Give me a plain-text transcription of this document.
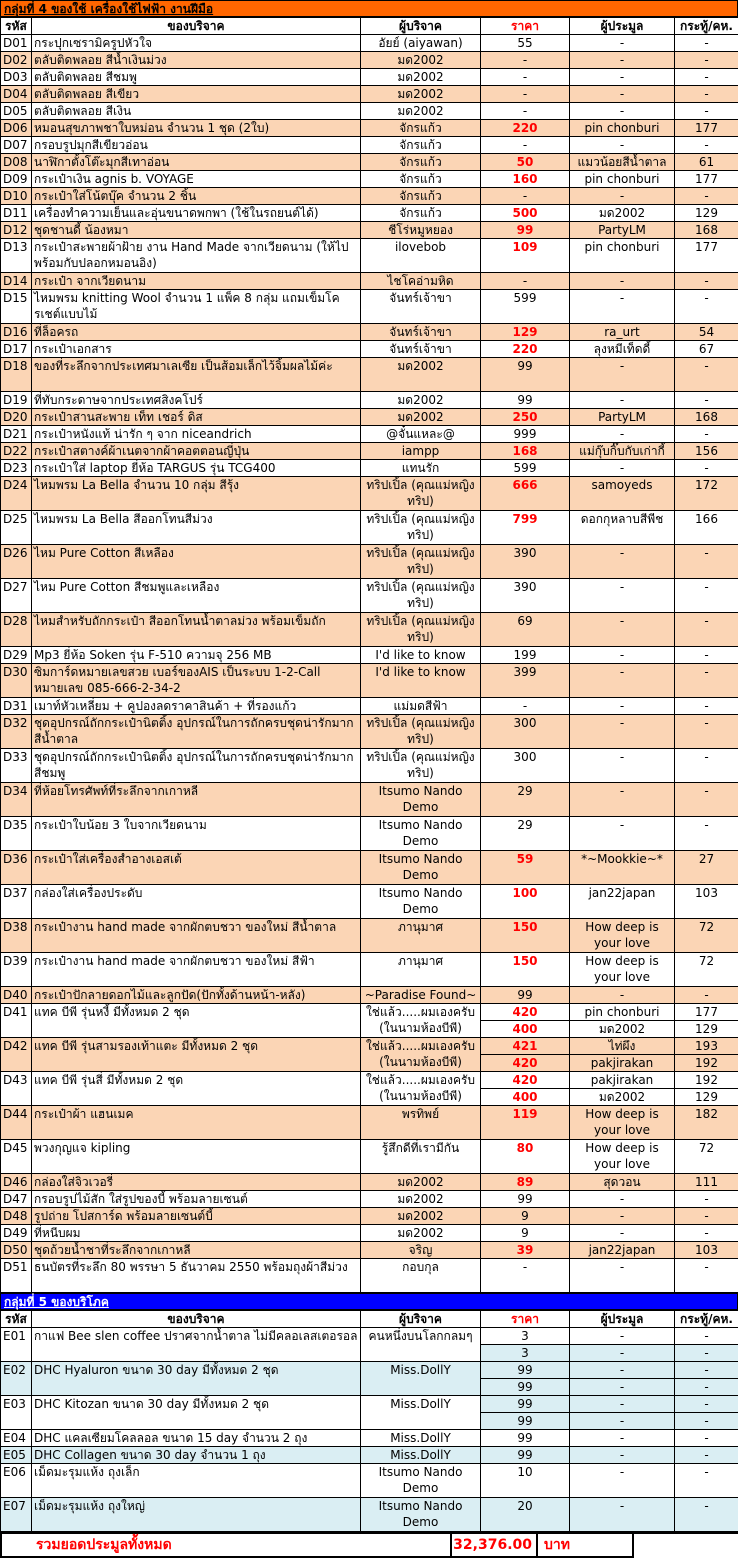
กลุ่มที่ 4 ของใช้ เครื่องใช้ไฟฟ้า งานฝีมือ
รหัส	ของบริจาค	ผู้บริจาค	ราคา	ผู้ประมูล	กระทู้/คห.
D01	กระปุกเซรามิครูปหัวใจ	อัยย์ (aiyawan)	55	-	-
D02	ตลับติดพลอย สีน้ำเงินม่วง	มด2002	-	-	-
D03	ตลับติดพลอย สีชมพู	มด2002	-	-	-
D04	ตลับติดพลอย สีเขียว	มด2002	-	-	-
D05	ตลับติดพลอย สีเงิน	มด2002	-	-	-
D06	หมอนสุขภาพชาใบหม่อน จำนวน 1 ชุด (2ใบ)	จักรแก้ว	220	pin chonburi	177
D07	กรอบรูปมุกสีเขียวอ่อน	จักรแก้ว	-	-	-
D08	นาฬิกาตั้งโต๊ะมุกสีเทาอ่อน	จักรแก้ว	50	แมวน้อยสีน้ำตาล	61
D09	กระเป๋าเงิน agnis b. VOYAGE	จักรแก้ว	160	pin chonburi	177
D10	กระเป๋าใส่โน้ตบุ๊ค จำนวน 2 ชิ้น	จักรแก้ว	-	-	-
D11	เครื่องทำความเย็นและอุ่นขนาดพกพา (ใช้ในรถยนต์ได้)	จักรแก้ว	500	มด2002	129
D12	ชุดชานดี้ น้องหมา	ชีโร่หมูหยอง	99	PartyLM	168
D13	กระเป๋าสะพายผ้าฝ้าย งาน Hand Made จากเวียดนาม (ให้ไปพร้อมกับปลอกหมอนอิง)	ilovebob	109	pin chonburi	177
D14	กระเป๋า จากเวียดนาม	ไชโคอ่ามหิด	-	-	-
D15	ไหมพรม knitting Wool จำนวน 1 แพ็ค 8 กลุ่ม แถมเข็มโครเชต์แบบไม้	จันทร์เจ้าขา	599	-	-
D16	ที่ล็อครถ	จันทร์เจ้าขา	129	ra_urt	54
D17	กระเป๋าเอกสาร	จันทร์เจ้าขา	220	ลุงหมีเท็ดดี้	67
D18	ของที่ระลึกจากประเทศมาเลเซีย เป็นส้อมเล็กไว้จิ้มผลไม้ค่ะ	มด2002	99	-	-
D19	ที่ทับกระดาษจากประเทศสิงคโปร์	มด2002	99	-	-
D20	กระเป๋าสานสะพาย เท็ท เชอร์ ดิส	มด2002	250	PartyLM	168
D21	กระเป๋าหนังแท้ น่ารัก ๆ จาก niceandrich	@จั๋นแหละ@	999	-	-
D22	กระเป๋าสตางค์ผ้าเนตจากผ้าคอตตอนญี่ปุ่น	iampp	168	แม่กุ๊บกิ๊บกับเก่ากี้	156
D23	กระเป๋าใส่ laptop ยี่ห้อ TARGUS รุ่น TCG400	แทนรัก	599	-	-
D24	ไหมพรม La Bella จำนวน 10 กลุ่ม สีรุ้ง	ทริปเปิ้ล (คุณแม่หญิงทริป)	666	samoyeds	172
D25	ไหมพรม La Bella สีออกโทนสีม่วง	ทริปเปิ้ล (คุณแม่หญิงทริป)	799	ดอกกุหลาบสีพีช	166
D26	ไหม Pure Cotton สีเหลือง	ทริปเปิ้ล (คุณแม่หญิงทริป)	390	-	-
D27	ไหม Pure Cotton สีชมพูและเหลือง	ทริปเปิ้ล (คุณแม่หญิงทริป)	390	-	-
D28	ไหมสำหรับถักกระเป๋า สีออกโทนน้ำตาลม่วง พร้อมเข็มถัก	ทริปเปิ้ล (คุณแม่หญิงทริป)	69	-	-
D29	Mp3 ยี่ห้อ Soken รุ่น F-510 ความจุ 256 MB	I'd like to know	199	-	-
D30	ซิมการ์ดหมายเลขสวย เบอร์ของAIS เป็นระบบ 1-2-Call หมายเลข 085-666-2-34-2	I'd like to know	399	-	-
D31	เมาท์หัวเหลี่ยม + คูปองลดราคาสินค้า + ที่รองแก้ว	แม่มดสีฟ้า	-	-	-
D32	ชุดอุปกรณ์ถักกระเป๋านิตติ้ง อุปกรณ์ในการถักครบชุดน่ารักมากสีน้ำตาล	ทริปเปิ้ล (คุณแม่หญิงทริป)	300	-	-
D33	ชุดอุปกรณ์ถักกระเป๋านิตติ้ง อุปกรณ์ในการถักครบชุดน่ารักมากสีชมพู	ทริปเปิ้ล (คุณแม่หญิงทริป)	300	-	-
D34	ที่ห้อยโทรศัพท์ที่ระลึกจากเกาหลี	Itsumo Nando Demo	29	-	-
D35	กระเป๋าใบน้อย 3 ใบจากเวียดนาม	Itsumo Nando Demo	29	-	-
D36	กระเป๋าใส่เครื่องสำอางเอสเต้	Itsumo Nando Demo	59	*~Mookkie~*	27
D37	กล่องใส่เครื่องประดับ	Itsumo Nando Demo	100	jan22japan	103
D38	กระเป๋างาน hand made จากผักตบชวา ของใหม่ สีน้ำตาล	ภานุมาศ	150	How deep is your love	72
D39	กระเป๋างาน hand made จากผักตบชวา ของใหม่ สีฟ้า	ภานุมาศ	150	How deep is your love	72
D40	กระเป๋าปักลายดอกไม้และลูกปัด(ปักทั้งด้านหน้า-หลัง)	~Paradise Found~	99	-	-
D41	แทค บีพี รุ่นหงี้ มีทั้งหมด 2 ชุด	ใช่แล้ว.....ผมเองครับ (ในนามห้องบีพี)	420	pin chonburi	177
			400	มด2002	129
D42	แทค บีพี รุ่นสามรองเท้าแตะ มีทั้งหมด 2 ชุด	ใช่แล้ว.....ผมเองครับ (ในนามห้องบีพี)	421	ไท่ผึง	193
			420	pakjirakan	192
D43	แทค บีพี รุ่นสี่ มีทั้งหมด 2 ชุด	ใช่แล้ว.....ผมเองครับ (ในนามห้องบีพี)	420	pakjirakan	192
			400	มด2002	129
D44	กระเป๋าผ้า แฮนเมค	พรทิพย์	119	How deep is your love	182
D45	พวงกุญแจ kipling	รู้สึกดีที่เรามีกัน	80	How deep is your love	72
D46	กล่องใส่จิวเวอรี่	มด2002	89	สุดวอน	111
D47	กรอบรูปไม้สัก ใส่รูปของบี้ พร้อมลายเซนต์	มด2002	99	-	-
D48	รูปถ่าย โปสการ์ด พร้อมลายเซนต์บี้	มด2002	9	-	-
D49	ที่หนีบผม	มด2002	9	-	-
D50	ชุดถ้วยน้ำชาที่ระลึกจากเกาหลี	จริญ	39	jan22japan	103
D51	ธนบัตรที่ระลึก 80 พรรษา 5 ธันวาคม 2550 พร้อมถุงผ้าสีม่วง	กอบกุล	-	-	-
กลุ่มที่ 5 ของบริโภค
รหัส	ของบริจาค	ผู้บริจาค	ราคา	ผู้ประมูล	กระทู้/คห.
E01	กาแฟ Bee slen coffee ปราศจากน้ำตาล ไม่มีคลอเลสเตอรอล	คนหนึ่งบนโลกกลมๆ	3	-	-
			3	-	-
E02	DHC Hyaluron ขนาด 30 day มีทั้งหมด 2 ชุด	Miss.DollY	99	-	-
			99	-	-
E03	DHC Kitozan ขนาด 30 day มีทั้งหมด 2 ชุด	Miss.DollY	99	-	-
			99	-	-
E04	DHC แคลเซียมโคลลอล ขนาด 15 day จำนวน 2 ถุง	Miss.DollY	99	-	-
E05	DHC Collagen ขนาด 30 day จำนวน 1 ถุง	Miss.DollY	99	-	-
E06	เม็ดมะรุมแห้ง ถุงเล็ก	Itsumo Nando Demo	10	-	-
E07	เม็ดมะรุมแห้ง ถุงใหญ่	Itsumo Nando Demo	20	-	-
รวมยอดประมูลทั้งหมด	32,376.00 บาท
